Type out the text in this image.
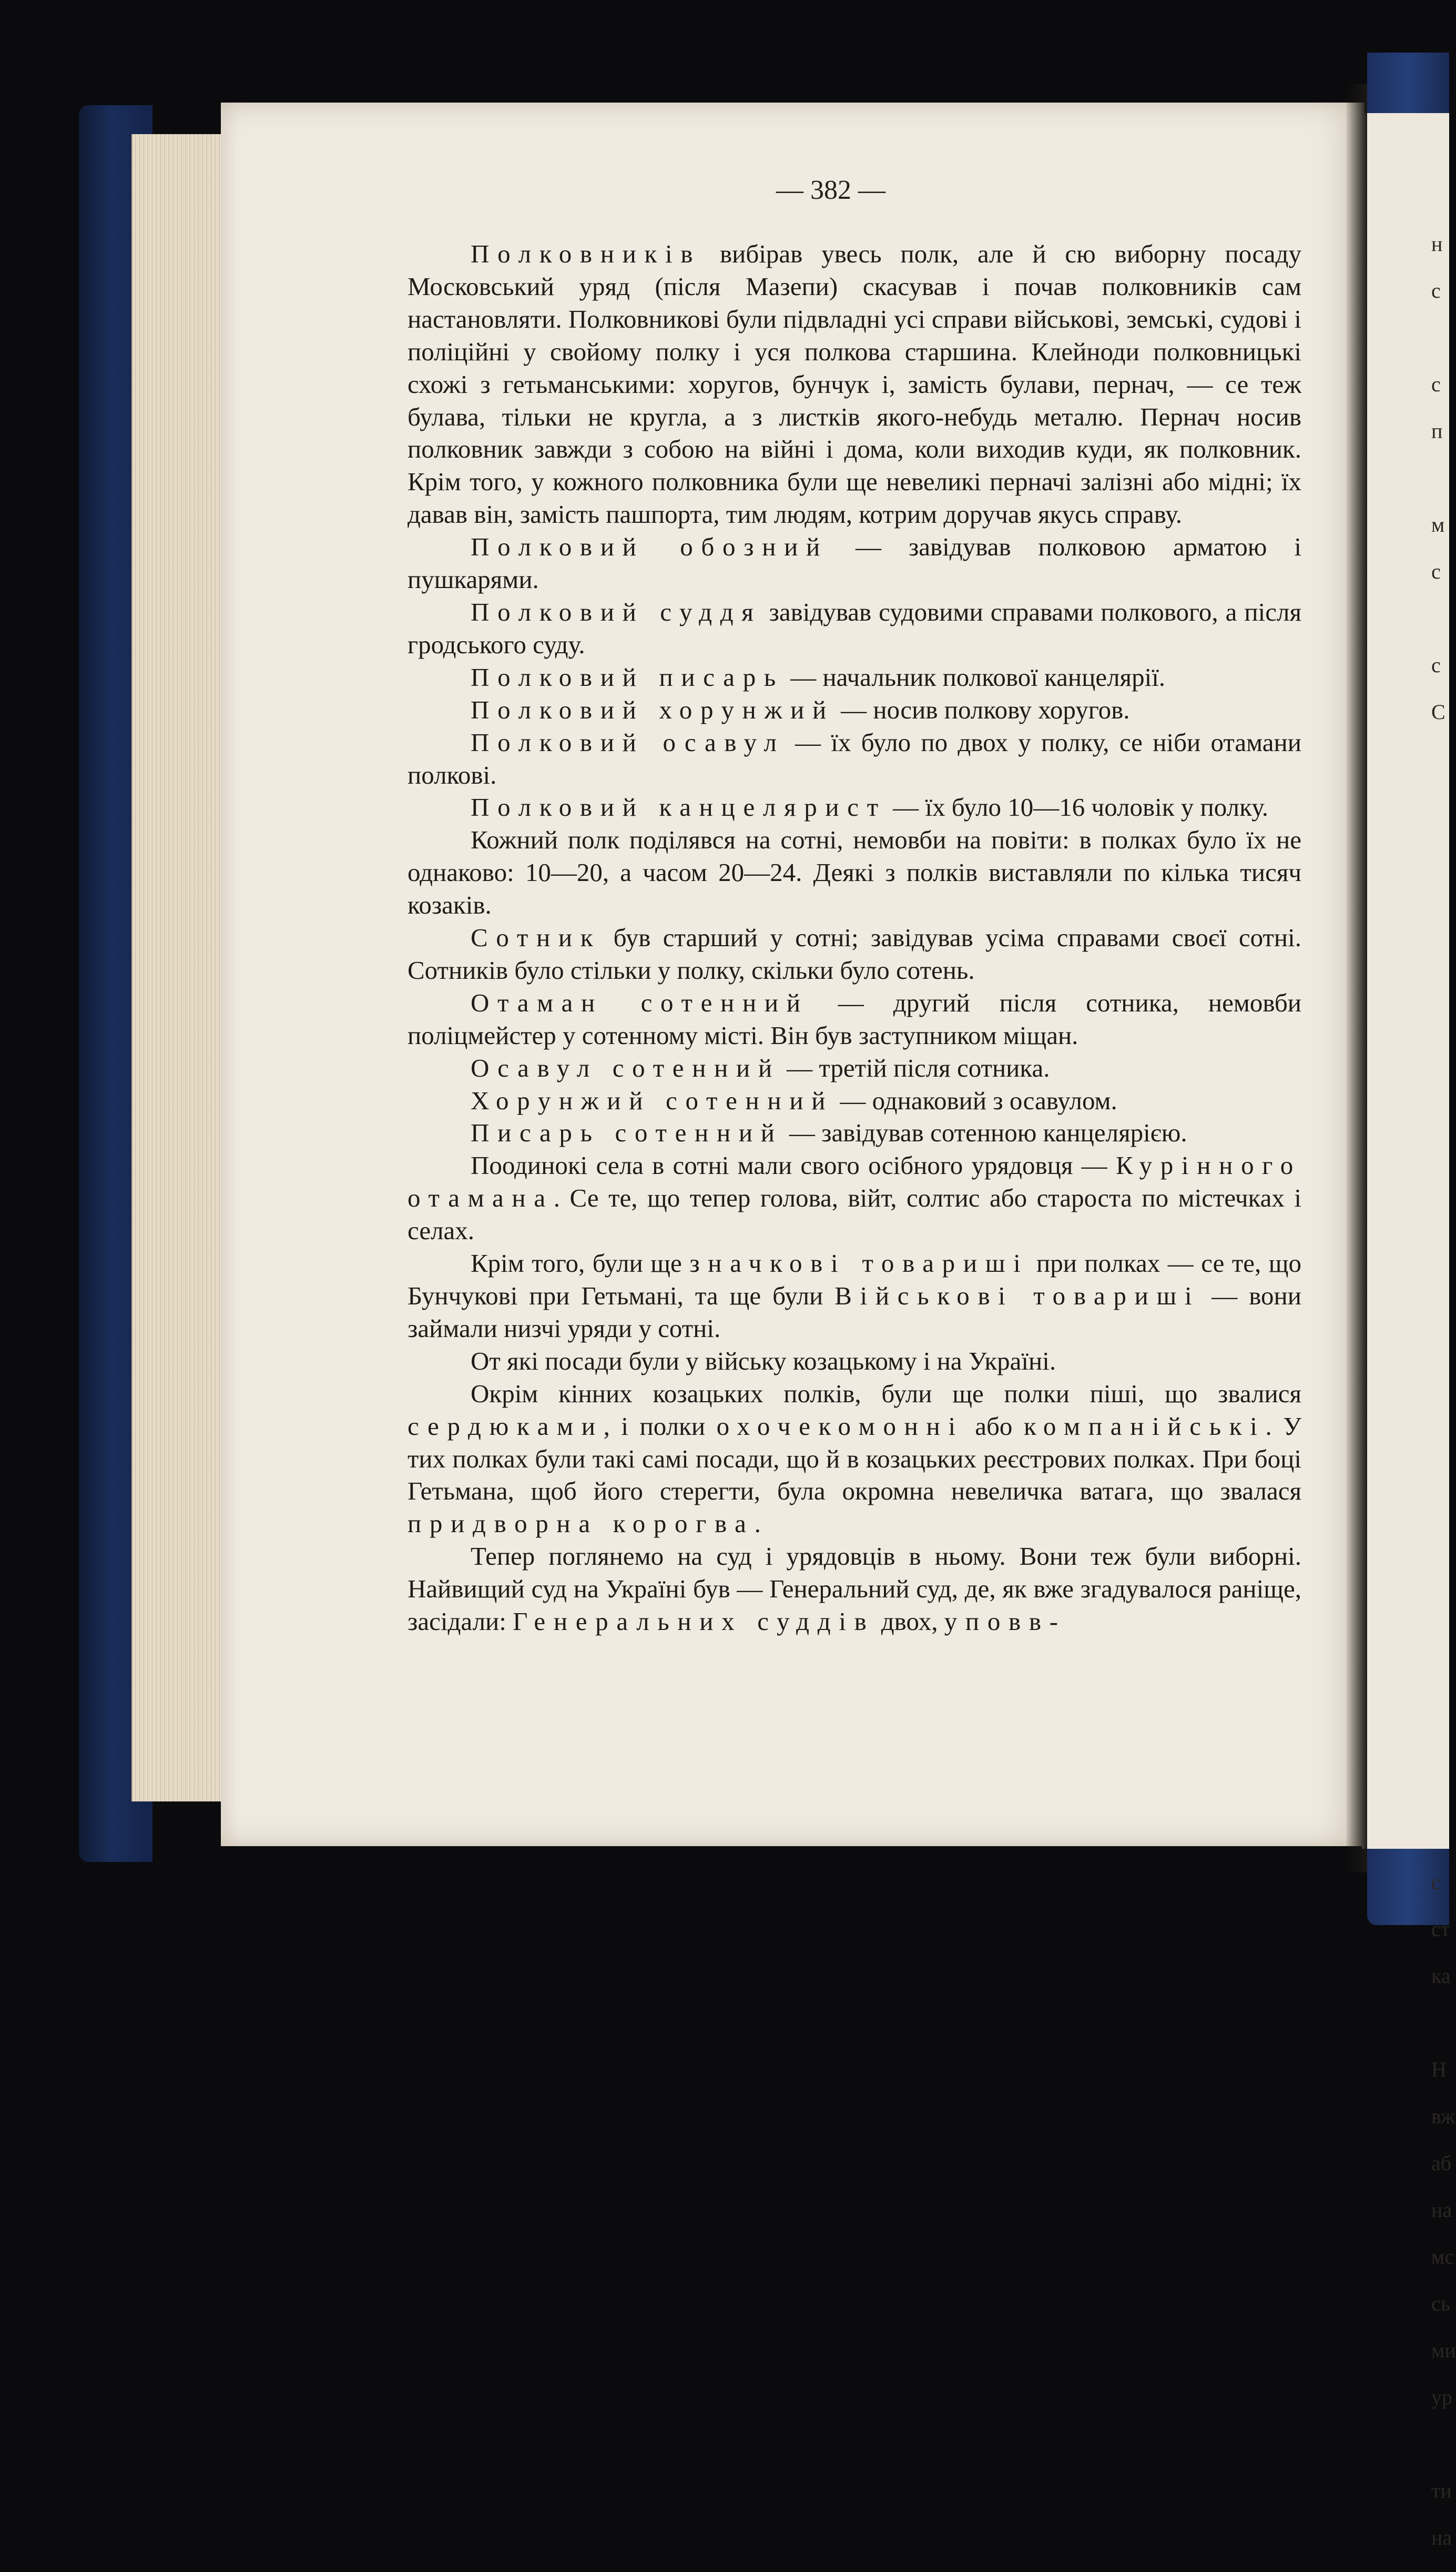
н
с
с
п
м
с
с
С
с
ст
ка
Н
вж
аб
на
мс
сь
ми
ур
ти
на
— 382 —

Полковників вибірав увесь полк, але й сю виборну посаду Московський уряд (після Мазепи) скасував і почав полковників сам настановляти. Полковникові були підвладні усі справи військові, земські, судові і поліційні у свойому полку і уся полкова старшина. Клейноди полковницькі схожі з гетьманськими: хоругов, бунчук і, замість булави, пернач, — се теж булава, тільки не кругла, а з листків якого-небудь металю. Пернач носив полковник завжди з собою на війні і дома, коли виходив куди, як полковник. Крім того, у кожного полковника були ще невеликі перначі залізні або мідні; їх давав він, замість пашпорта, тим людям, котрим доручав якусь справу.

Полковий обозний — завідував полковою арматою і пушкарями.

Полковий суддя завідував судовими справами полкового, а після гродського суду.

Полковий писарь — начальник полкової канцелярії.

Полковий хорунжий — носив полкову хоругов.

Полковий осавул — їх було по двох у полку, се ніби отамани полкові.

Полковий канцелярист — їх було 10—16 чоловік у полку.

Кожний полк поділявся на сотні, немовби на повіти: в полках було їх не однаково: 10—20, а часом 20—24. Деякі з полків виставляли по кілька тисяч козаків.

Сотник був старший у сотні; завідував усіма справами своєї сотні. Сотників було стільки у полку, скільки було сотень.

Отаман сотенний — другий після сотника, немовби поліцмейстер у сотенному місті. Він був заступником міщан.

Осавул сотенний — третій після сотника.

Хорунжий сотенний — однаковий з осавулом.

Писарь сотенний — завідував сотенною канцелярією.

Поодинокі села в сотні мали свого осібного урядовця — Курінного отамана. Се те, що тепер голова, війт, солтис або староста по містечках і селах.

Крім того, були ще значкові товариші при полках — се те, що Бунчукові при Гетьмані, та ще були Військові товариші — вони займали низчі уряди у сотні.

От які посади були у війську козацькому і на Україні.

Окрім кінних козацьких полків, були ще полки піші, що звалися сердюками, і полки охочекомонні або компанійські. У тих полках були такі самі посади, що й в козацьких реєстрових полках. При боці Гетьмана, щоб його стерегти, була окромна невеличка ватага, що звалася придворна корогва.

Тепер поглянемо на суд і урядовців в ньому. Вони теж були виборні. Найвищий суд на Україні був — Генеральний суд, де, як вже згадувалося раніще, засідали: Генеральних суддів двох, уповв-
